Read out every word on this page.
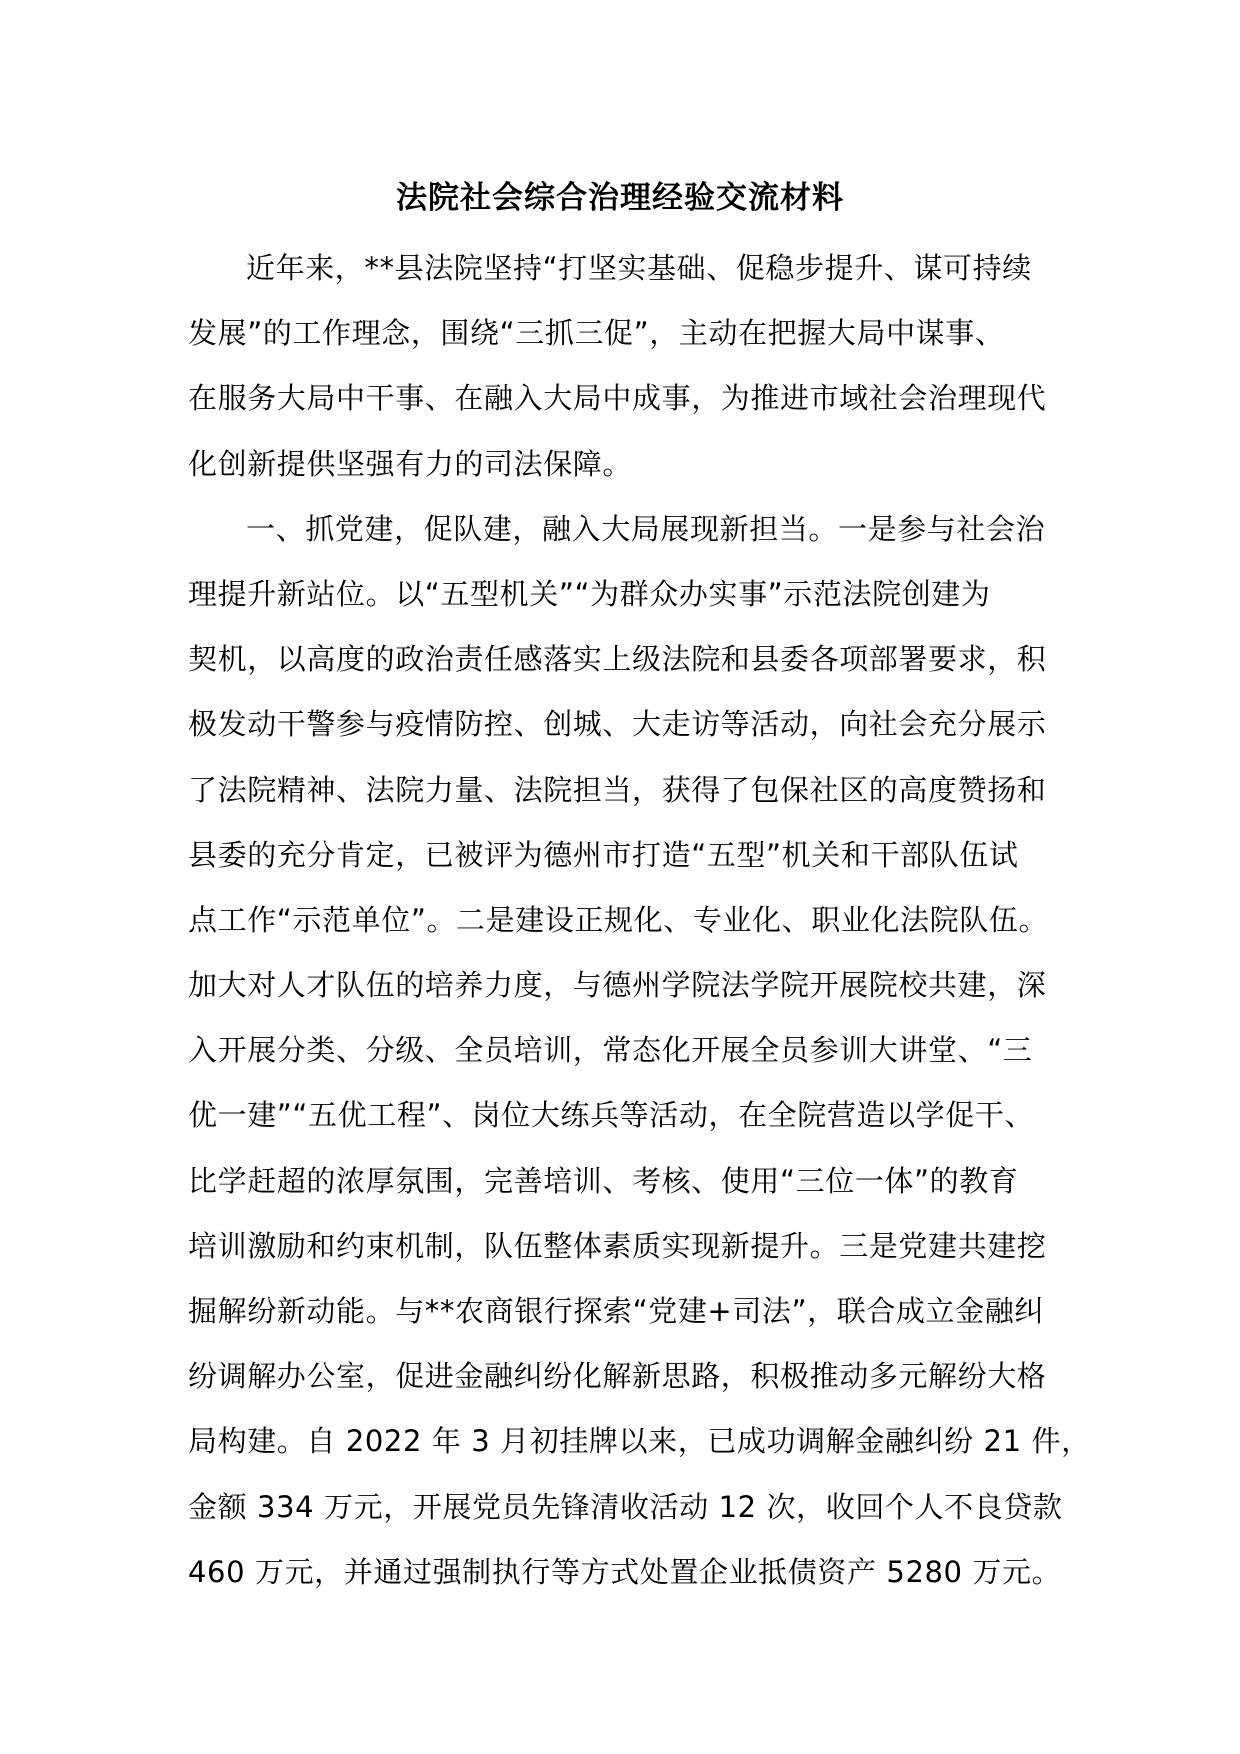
法院社会综合治理经验交流材料
近年来，**县法院坚持“打坚实基础、促稳步提升、谋可持续
发展”的工作理念，围绕“三抓三促”，主动在把握大局中谋事、
在服务大局中干事、在融入大局中成事，为推进市域社会治理现代
化创新提供坚强有力的司法保障。
一、抓党建，促队建，融入大局展现新担当。一是参与社会治
理提升新站位。以“五型机关”“为群众办实事”示范法院创建为
契机，以高度的政治责任感落实上级法院和县委各项部署要求，积
极发动干警参与疫情防控、创城、大走访等活动，向社会充分展示
了法院精神、法院力量、法院担当，获得了包保社区的高度赞扬和
县委的充分肯定，已被评为德州市打造“五型”机关和干部队伍试
点工作“示范单位”。二是建设正规化、专业化、职业化法院队伍。
加大对人才队伍的培养力度，与德州学院法学院开展院校共建，深
入开展分类、分级、全员培训，常态化开展全员参训大讲堂、“三
优一建”“五优工程”、岗位大练兵等活动，在全院营造以学促干、
比学赶超的浓厚氛围，完善培训、考核、使用“三位一体”的教育
培训激励和约束机制，队伍整体素质实现新提升。三是党建共建挖
掘解纷新动能。与**农商银行探索“党建+司法”，联合成立金融纠
纷调解办公室，促进金融纠纷化解新思路，积极推动多元解纷大格
局构建。自 2022 年 3 月初挂牌以来，已成功调解金融纠纷 21 件，
金额 334 万元，开展党员先锋清收活动 12 次，收回个人不良贷款
460 万元，并通过强制执行等方式处置企业抵债资产 5280 万元。
